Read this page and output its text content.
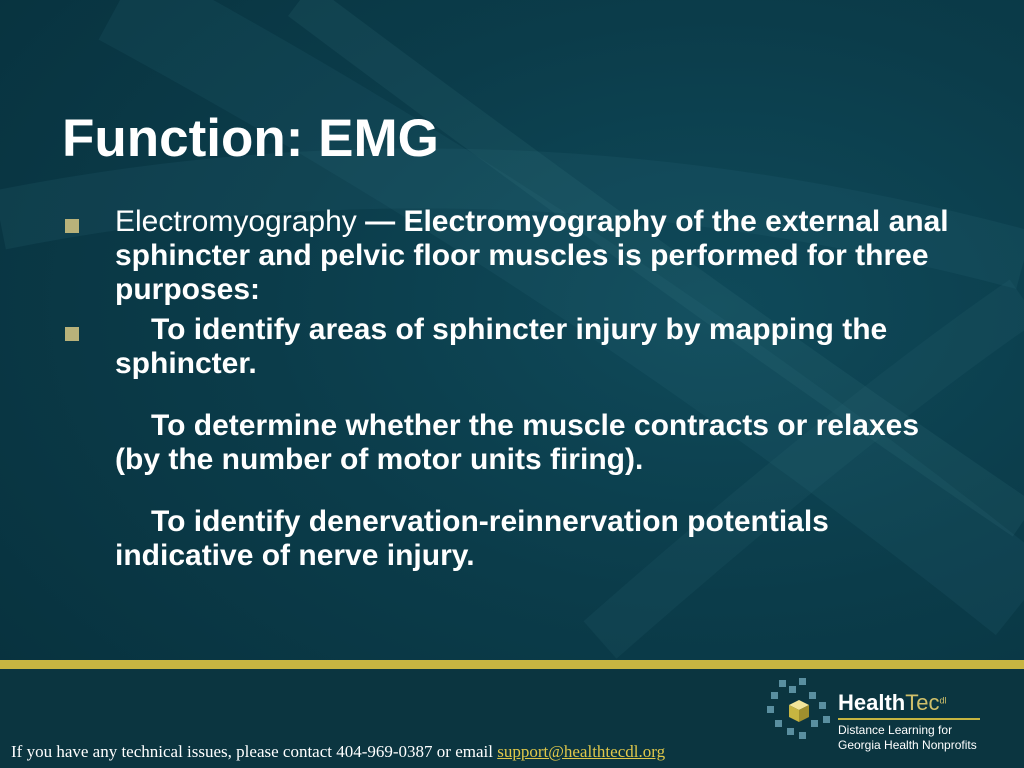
Function: EMG
Electromyography — Electromyography of the external anal sphincter and pelvic floor muscles is performed for three purposes:
To identify areas of sphincter injury by mapping the sphincter.
To determine whether the muscle contracts or relaxes (by the number of motor units firing).
To identify denervation-reinnervation potentials indicative of nerve injury.
If you have any technical issues, please contact 404-969-0387 or email support@healthtecdl.org
HealthTec$^{dl}$
Distance Learning for
Georgia Health Nonprofits
